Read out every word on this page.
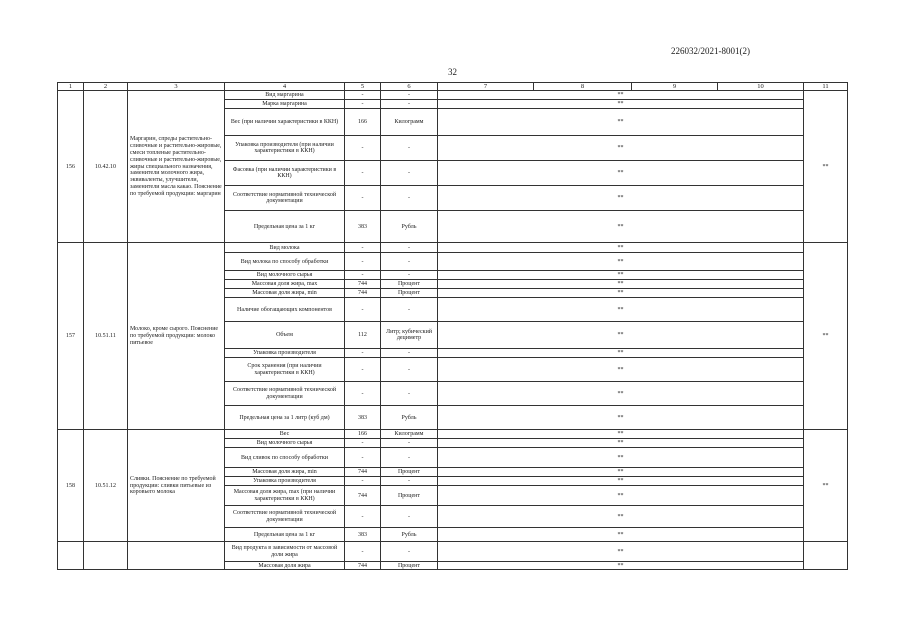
226032/2021-8001(2)
32
1	2	3	4	5	6	7	8	9	10	11
156	10.42.10	Маргарин, спреды растительно-сливочные и растительно-жировые, смеси топленые растительно-сливочные и растительно-жировые, жиры специального назначения, заменители молочного жира, эквиваленты, улучшители, заменители масла какао. Пояснение по требуемой продукции: маргарин	Вид маргарина	-	-	**				**
			Марка маргарина	-	-	**				
			Вес (при наличии характеристики в ККН)	166	Килограмм	**				
			Упаковка производителя (при наличии характеристики в ККН)	-	-	**				
			Фасовка (при наличии характеристики в ККН)	-	-	**				
			Соответствие нормативной технической документации	-	-	**				
			Предельная цена за 1 кг	383	Рубль	**				
157	10.51.11	Молоко, кроме сырого. Пояснение по требуемой продукции: молоко питьевое	Вид молока	-	-	**				**
			Вид молока по способу обработки	-	-	**				
			Вид молочного сырья	-	-	**				
			Массовая доля жира, max	744	Процент	**				
			Массовая доля жира, min	744	Процент	**				
			Наличие обогащающих компонентов	-	-	**				
			Объем	112	Литр; кубический дециметр	**				
			Упаковка производителя	-	-	**				
			Срок хранения (при наличии характеристики в ККН)	-	-	**				
			Соответствие нормативной технической документации	-	-	**				
			Предельная цена за 1 литр (куб дм)	383	Рубль	**				
158	10.51.12	Сливки. Пояснение по требуемой продукции: сливки питьевые из коровьего молока	Вес	166	Килограмм	**				**
			Вид молочного сырья	-	-	**				
			Вид сливок по способу обработки	-	-	**				
			Массовая доля жира, min	744	Процент	**				
			Упаковка производителя	-	-	**				
			Массовая доля жира, max (при наличии характеристики в ККН)	744	Процент	**				
			Соответствие нормативной технической документации	-	-	**				
			Предельная цена за 1 кг	383	Рубль	**				
			Вид продукта в зависимости от массовой доли жира	-	-	**				
			Массовая доля жира	744	Процент	**				
